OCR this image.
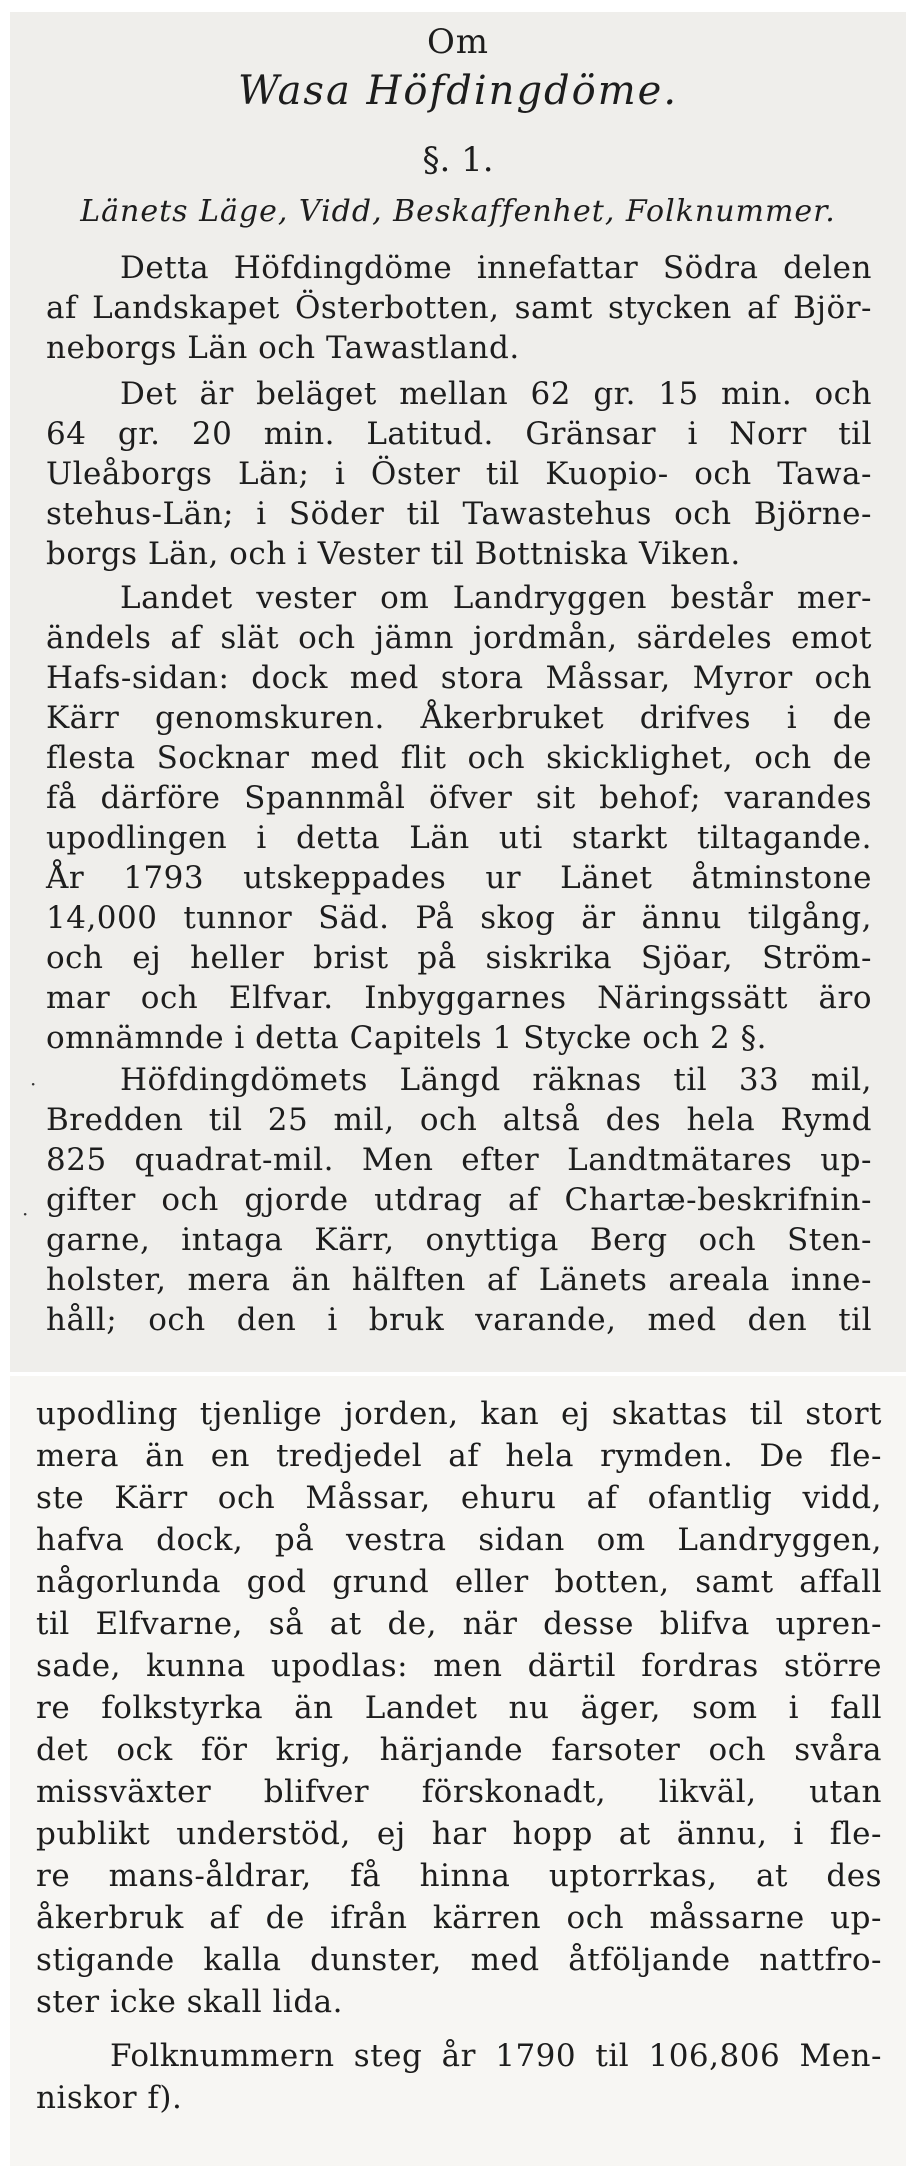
Om
Wasa Höfdingdöme.
§. 1.
Länets Läge, Vidd, Beskaffenhet, Folknummer.
Detta Höfdingdöme innefattar Södra delen
af Landskapet Österbotten, samt stycken af Björ-
neborgs Län och Tawastland.
Det är beläget mellan 62 gr. 15 min. och
64 gr. 20 min. Latitud. Gränsar i Norr til
Uleåborgs Län; i Öster til Kuopio- och Tawa-
stehus-Län; i Söder til Tawastehus och Björne-
borgs Län, och i Vester til Bottniska Viken.
Landet vester om Landryggen består mer-
ändels af slät och jämn jordmån, särdeles emot
Hafs-sidan: dock med stora Måssar, Myror och
Kärr genomskuren. Åkerbruket drifves i de
flesta Socknar med flit och skicklighet, och de
få därföre Spannmål öfver sit behof; varandes
upodlingen i detta Län uti starkt tiltagande.
År 1793 utskeppades ur Länet åtminstone
14,000 tunnor Säd. På skog är ännu tilgång,
och ej heller brist på siskrika Sjöar, Ström-
mar och Elfvar. Inbyggarnes Näringssätt äro
omnämnde i detta Capitels 1 Stycke och 2 §.
Höfdingdömets Längd räknas til 33 mil,
Bredden til 25 mil, och altså des hela Rymd
825 quadrat-mil. Men efter Landtmätares up-
gifter och gjorde utdrag af Chartæ-beskrifnin-
garne, intaga Kärr, onyttiga Berg och Sten-
holster, mera än hälften af Länets areala inne-
håll; och den i bruk varande, med den til
·
·
upodling tjenlige jorden, kan ej skattas til stort
mera än en tredjedel af hela rymden. De fle-
ste Kärr och Måssar, ehuru af ofantlig vidd,
hafva dock, på vestra sidan om Landryggen,
någorlunda god grund eller botten, samt affall
til Elfvarne, så at de, när desse blifva upren-
sade, kunna upodlas: men därtil fordras större
re folkstyrka än Landet nu äger, som i fall
det ock för krig, härjande farsoter och svåra
missväxter blifver förskonadt, likväl, utan
publikt understöd, ej har hopp at ännu, i fle-
re mans-åldrar, få hinna uptorrkas, at des
åkerbruk af de ifrån kärren och måssarne up-
stigande kalla dunster, med åtföljande nattfro-
ster icke skall lida.
Folknummern steg år 1790 til 106,806 Men-
niskor f).
